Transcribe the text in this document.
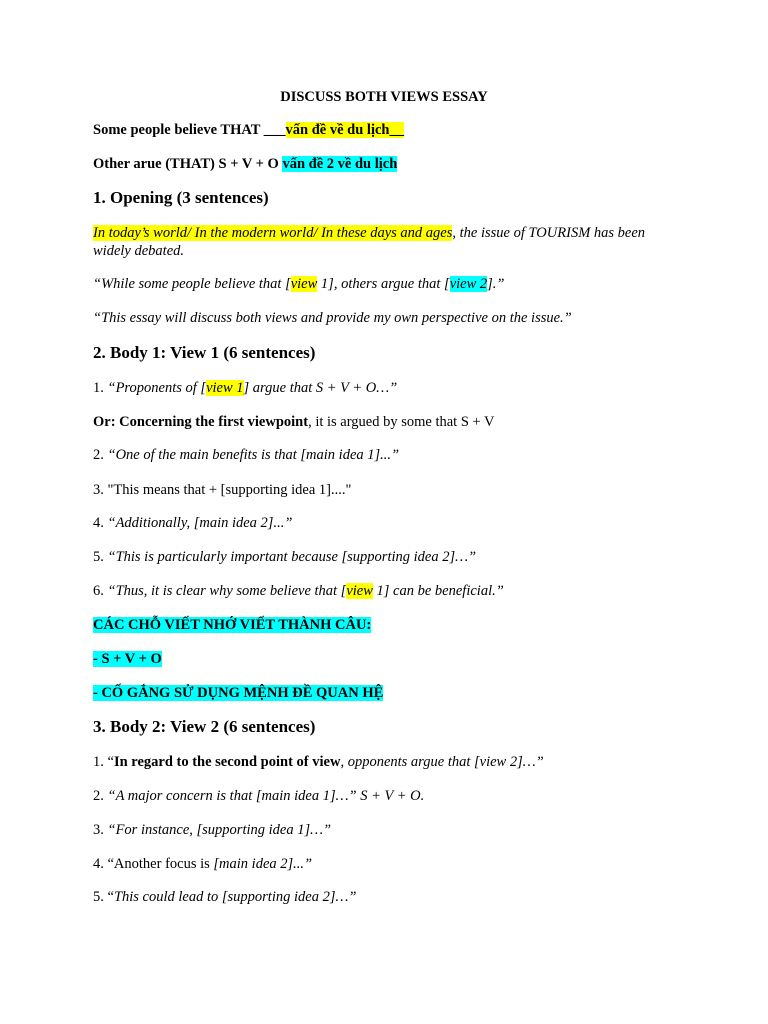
DISCUSS BOTH VIEWS ESSAY

Some people believe THAT ___vấn đề về du lịch__

Other arue (THAT) S + V + O vấn đề 2 về du lịch

1. Opening (3 sentences)

In today’s world/ In the modern world/ In these days and ages, the issue of TOURISM has been widely debated.

“While some people believe that [view 1], others argue that [view 2].”

“This essay will discuss both views and provide my own perspective on the issue.”

2. Body 1: View 1 (6 sentences)

1. “Proponents of [view 1] argue that S + V + O…”

Or: Concerning the first viewpoint, it is argued by some that S + V

2. “One of the main benefits is that [main idea 1]...”

3. "This means that + [supporting idea 1]...."

4. “Additionally, [main idea 2]...”

5. “This is particularly important because [supporting idea 2]…”

6. “Thus, it is clear why some believe that [view 1] can be beneficial.”

CÁC CHỖ VIẾT NHỚ VIẾT THÀNH CÂU:

- S + V + O

- CỐ GẮNG SỬ DỤNG MỆNH ĐỀ QUAN HỆ

3. Body 2: View 2 (6 sentences)

1. “In regard to the second point of view, opponents argue that [view 2]…”

2. “A major concern is that [main idea 1]…” S + V + O.

3. “For instance, [supporting idea 1]…”

4. “Another focus is [main idea 2]...”

5. “This could lead to [supporting idea 2]…”
